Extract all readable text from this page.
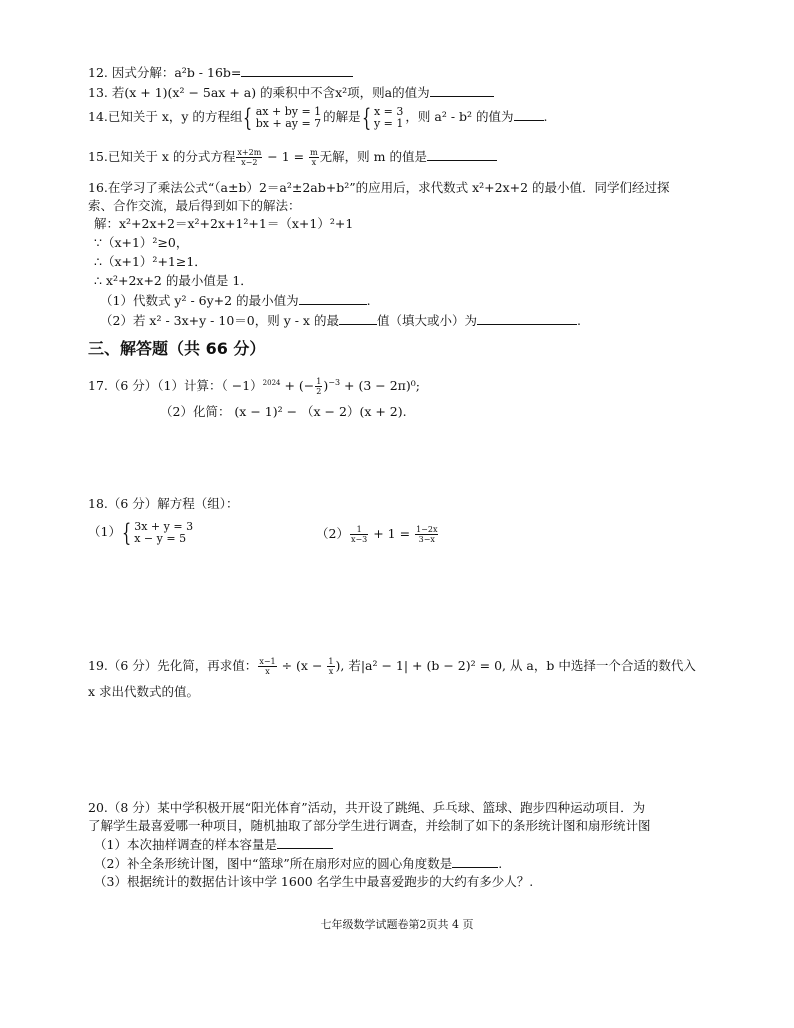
12. 因式分解：a²b - 16b=
13. 若(x + 1)(x² − 5ax + a) 的乘积中不含x²项，则a的值为
14.已知关于 x，y 的方程组{ ax + by = 1
bx + ay = 7 的解是{ x = 3
y = 1 ，则 a² - b² 的值为 .
15.已知关于 x 的分式方程 $\frac{x+2m}{x-2} - 1 = \frac{m}{x}$ 无解，则 m 的值是
16.在学习了乘法公式“（a±b）2＝a²±2ab+b²”的应用后，求代数式 x²+2x+2 的最小值．同学们经过探
索、合作交流，最后得到如下的解法：
解：x²+2x+2＝x²+2x+1²+1＝（x+1）²+1
∵（x+1）²≥0，
∴（x+1）²+1≥1．
∴ x²+2x+2 的最小值是 1．
（1）代数式 y² - 6y+2 的最小值为	.
（2）若 x² - 3x+y - 10＝0，则 y - x 的最	值（填大或小）为	.
三、解答题（共 66 分）
17.（6 分）（1）计算：（ −1）$^{2024}$ + (− $\frac{1}{2} )^{-3} + (3 - 2\pi)^0$;
（2）化简： (x − 1)² − （x − 2）(x + 2).
18.（6 分）解方程（组）：
（1）{ 3x + y = 3
x − y = 5	$(2) \frac{1}{x-3} + 1 = \frac{1-2x}{3-x}$
19.（6 分）先化简，再求值： $\frac{x-1}{x} \div (x - \frac{1}{x}$ ), 若|a² − 1| + (b − 2)² = 0, 从 a，b 中选择一个合适的数代入
x 求出代数式的值。
20.（8 分）某中学积极开展“阳光体育”活动，共开设了跳绳、乒乓球、篮球、跑步四种运动项目．为
了解学生最喜爱哪一种项目，随机抽取了部分学生进行调查，并绘制了如下的条形统计图和扇形统计图
（1）本次抽样调查的样本容量是
（2）补全条形统计图，图中“篮球”所在扇形对应的圆心角度数是	.
（3）根据统计的数据估计该中学 1600 名学生中最喜爱跑步的大约有多少人？.
七年级数学试题卷第2页共 4 页
